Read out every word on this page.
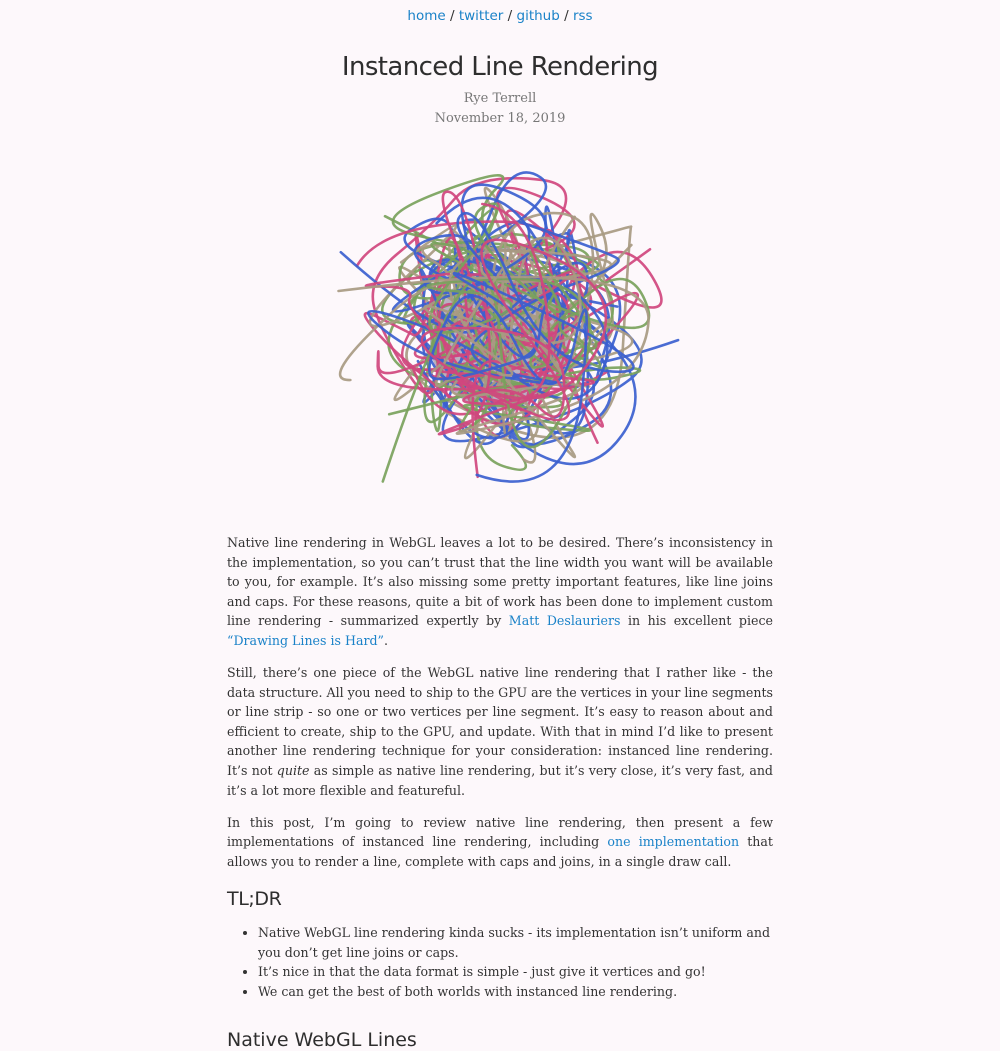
home / twitter / github / rss
Instanced Line Rendering
Rye Terrell
November 18, 2019

Native line rendering in WebGL leaves a lot to be desired. There’s inconsistency in the implementation, so you can’t trust that the line width you want will be available to you, for example. It’s also missing some pretty important features, like line joins and caps. For these reasons, quite a bit of work has been done to implement custom line rendering - summarized expertly by Matt Deslauriers in his excellent piece “Drawing Lines is Hard”.

Still, there’s one piece of the WebGL native line rendering that I rather like - the data structure. All you need to ship to the GPU are the vertices in your line segments or line strip - so one or two vertices per line segment. It’s easy to reason about and efficient to create, ship to the GPU, and update. With that in mind I’d like to present another line rendering technique for your consideration: instanced line rendering. It’s not quite as simple as native line rendering, but it’s very close, it’s very fast, and it’s a lot more flexible and featureful.

In this post, I’m going to review native line rendering, then present a few implementations of instanced line rendering, including one implementation that allows you to render a line, complete with caps and joins, in a single draw call.

TL;DR
• Native WebGL line rendering kinda sucks - its implementation isn’t uniform and you don’t get line joins or caps.
• It’s nice in that the data format is simple - just give it vertices and go!
• We can get the best of both worlds with instanced line rendering.
Native WebGL Lines
